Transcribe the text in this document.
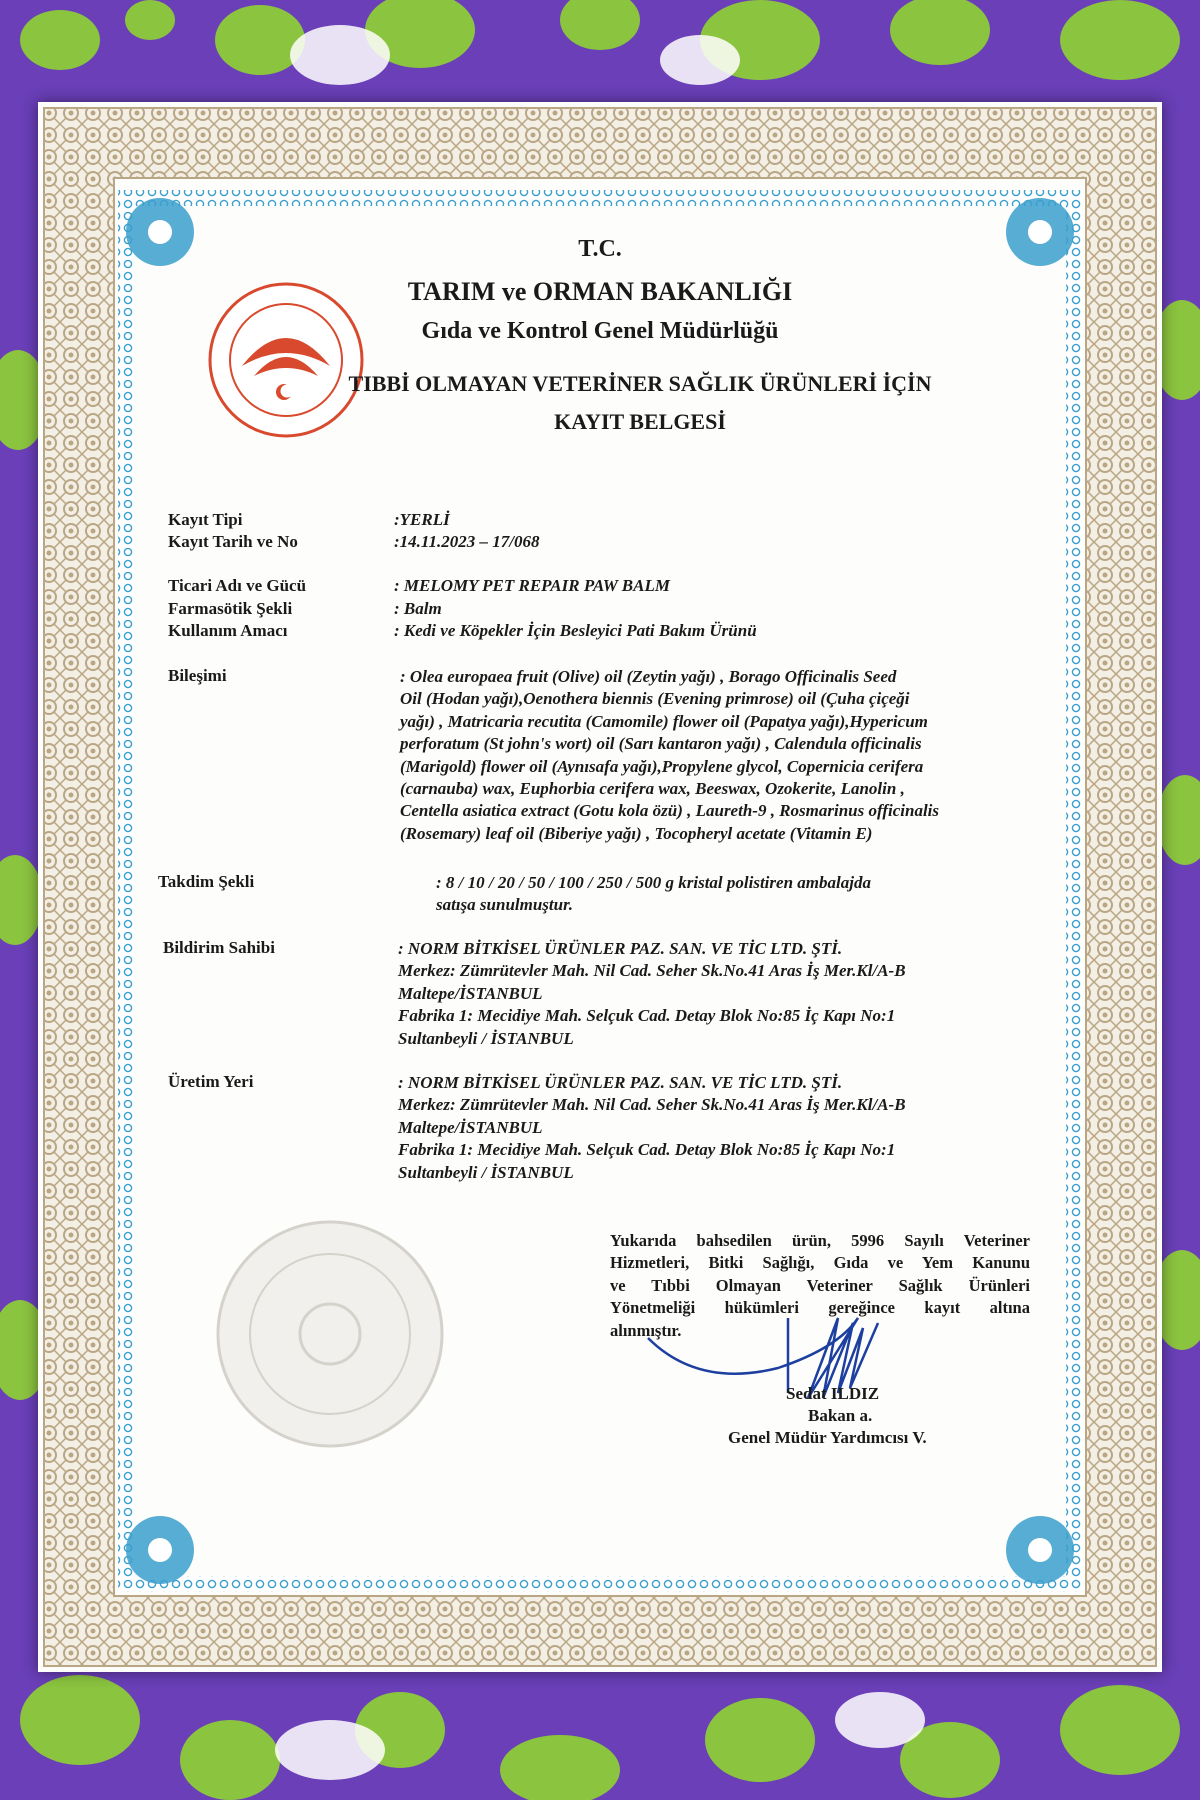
T.C.
TARIM ve ORMAN BAKANLIĞI
Gıda ve Kontrol Genel Müdürlüğü
TIBBİ OLMAYAN VETERİNER SAĞLIK ÜRÜNLERİ İÇİN
KAYIT BELGESİ
Kayıt Tipi	:YERLİ
Kayıt Tarih ve No	:14.11.2023 – 17/068
Ticari Adı ve Gücü	: MELOMY PET REPAIR PAW BALM
Farmasötik Şekli	: Balm
Kullanım Amacı	: Kedi ve Köpekler İçin Besleyici Pati Bakım Ürünü
Bileşimi	: Olea europaea fruit (Olive) oil (Zeytin yağı) , Borago Officinalis Seed
Oil (Hodan yağı),Oenothera biennis (Evening primrose) oil (Çuha çiçeği
yağı) , Matricaria recutita (Camomile) flower oil (Papatya yağı),Hypericum
perforatum (St john's wort) oil (Sarı kantaron yağı) , Calendula officinalis
(Marigold) flower oil (Aynısafa yağı),Propylene glycol, Copernicia cerifera
(carnauba) wax, Euphorbia cerifera wax, Beeswax, Ozokerite, Lanolin ,
Centella asiatica extract (Gotu kola özü) , Laureth-9 , Rosmarinus officinalis
(Rosemary) leaf oil (Biberiye yağı) , Tocopheryl acetate (Vitamin E)
Takdim Şekli	: 8 / 10 / 20 / 50 / 100 / 250 / 500 g kristal polistiren ambalajda
satışa sunulmuştur.
Bildirim Sahibi	: NORM BİTKİSEL ÜRÜNLER PAZ. SAN. VE TİC LTD. ŞTİ.
Merkez: Zümrütevler Mah. Nil Cad. Seher Sk.No.41 Aras İş Mer.Kl/A-B
Maltepe/İSTANBUL
Fabrika 1: Mecidiye Mah. Selçuk Cad. Detay Blok No:85 İç Kapı No:1
Sultanbeyli / İSTANBUL
Üretim Yeri	: NORM BİTKİSEL ÜRÜNLER PAZ. SAN. VE TİC LTD. ŞTİ.
Merkez: Zümrütevler Mah. Nil Cad. Seher Sk.No.41 Aras İş Mer.Kl/A-B
Maltepe/İSTANBUL
Fabrika 1: Mecidiye Mah. Selçuk Cad. Detay Blok No:85 İç Kapı No:1
Sultanbeyli / İSTANBUL
Yukarıda bahsedilen ürün, 5996 Sayılı Veteriner
Hizmetleri, Bitki Sağlığı, Gıda ve Yem Kanunu
ve Tıbbi Olmayan Veteriner Sağlık Ürünleri
Yönetmeliği hükümleri gereğince kayıt altına
alınmıştır.
Sedat ILDIZ
Bakan a.
Genel Müdür Yardımcısı V.
